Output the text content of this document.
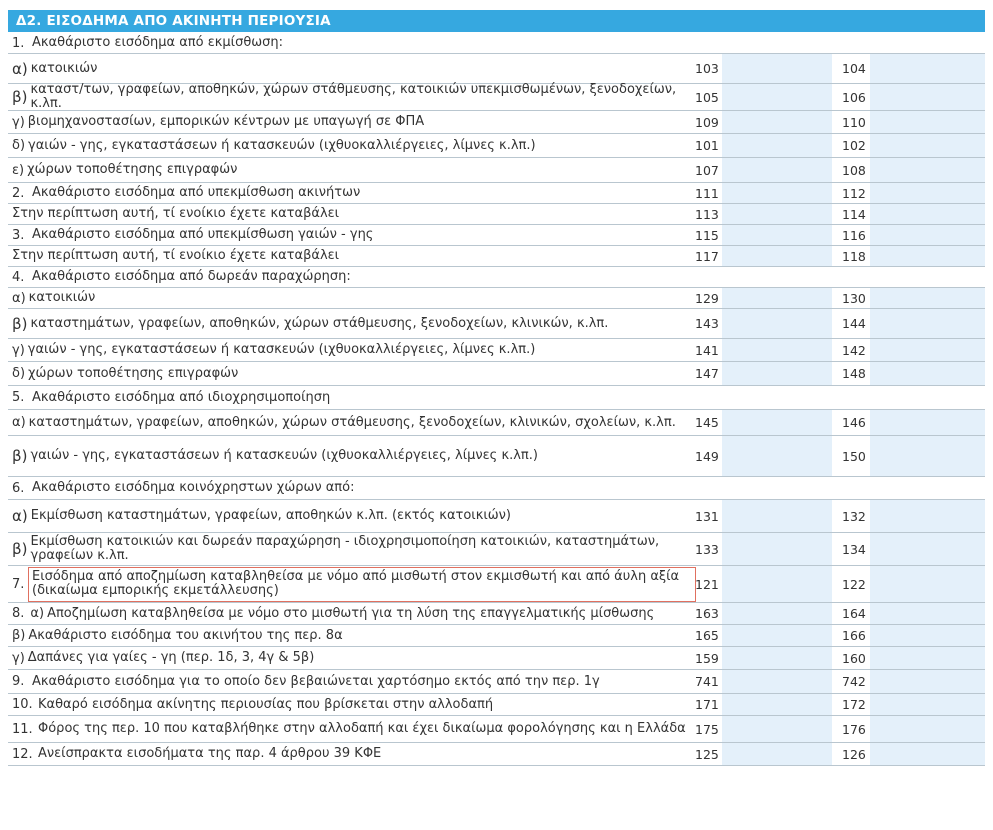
Δ2. ΕΙΣΟΔΗΜΑ ΑΠΟ ΑΚΙΝΗΤΗ ΠΕΡΙΟΥΣΙΑ
1. Ακαθάριστο εισόδημα από εκμίσθωση:
α) κατοικιών	103	104
β) καταστ/των, γραφείων, αποθηκών, χώρων στάθμευσης, κατοικιών υπεκμισθωμένων, ξενοδοχείων, κ.λπ.	105	106
γ) βιομηχανοστασίων, εμπορικών κέντρων με υπαγωγή σε ΦΠΑ	109	110
δ) γαιών - γης, εγκαταστάσεων ή κατασκευών (ιχθυοκαλλιέργειες, λίμνες κ.λπ.)	101	102
ε) χώρων τοποθέτησης επιγραφών	107	108
2. Ακαθάριστο εισόδημα από υπεκμίσθωση ακινήτων	111	112
Στην περίπτωση αυτή, τί ενοίκιο έχετε καταβάλει	113	114
3. Ακαθάριστο εισόδημα από υπεκμίσθωση γαιών - γης	115	116
Στην περίπτωση αυτή, τί ενοίκιο έχετε καταβάλει	117	118
4. Ακαθάριστο εισόδημα από δωρεάν παραχώρηση:
α) κατοικιών	129	130
β) καταστημάτων, γραφείων, αποθηκών, χώρων στάθμευσης, ξενοδοχείων, κλινικών, κ.λπ.	143	144
γ) γαιών - γης, εγκαταστάσεων ή κατασκευών (ιχθυοκαλλιέργειες, λίμνες κ.λπ.)	141	142
δ) χώρων τοποθέτησης επιγραφών	147	148
5. Ακαθάριστο εισόδημα από ιδιοχρησιμοποίηση
α) καταστημάτων, γραφείων, αποθηκών, χώρων στάθμευσης, ξενοδοχείων, κλινικών, σχολείων, κ.λπ. 145	146
β) γαιών - γης, εγκαταστάσεων ή κατασκευών (ιχθυοκαλλιέργειες, λίμνες κ.λπ.)	149	150
6. Ακαθάριστο εισόδημα κοινόχρηστων χώρων από:
α) Εκμίσθωση καταστημάτων, γραφείων, αποθηκών κ.λπ. (εκτός κατοικιών)	131	132
β) Εκμίσθωση κατοικιών και δωρεάν παραχώρηση - ιδιοχρησιμοποίηση κατοικιών, καταστημάτων, γραφείων κ.λπ.	133	134
7. Εισόδημα από αποζημίωση καταβληθείσα με νόμο από μισθωτή στον εκμισθωτή και από άυλη αξία (δικαίωμα εμπορικής εκμετάλλευσης)	121	122
8. α) Αποζημίωση καταβληθείσα με νόμο στο μισθωτή για τη λύση της επαγγελματικής μίσθωσης	163	164
β) Ακαθάριστο εισόδημα του ακινήτου της περ. 8α	165	166
γ) Δαπάνες για γαίες - γη (περ. 1δ, 3, 4γ & 5β)	159	160
9. Ακαθάριστο εισόδημα για το οποίο δεν βεβαιώνεται χαρτόσημο εκτός από την περ. 1γ	741	742
10. Καθαρό εισόδημα ακίνητης περιουσίας που βρίσκεται στην αλλοδαπή	171	172
11. Φόρος της περ. 10 που καταβλήθηκε στην αλλοδαπή και έχει δικαίωμα φορολόγησης και η Ελλάδα 175	176
12. Ανείσπρακτα εισοδήματα της παρ. 4 άρθρου 39 ΚΦΕ	125	126
